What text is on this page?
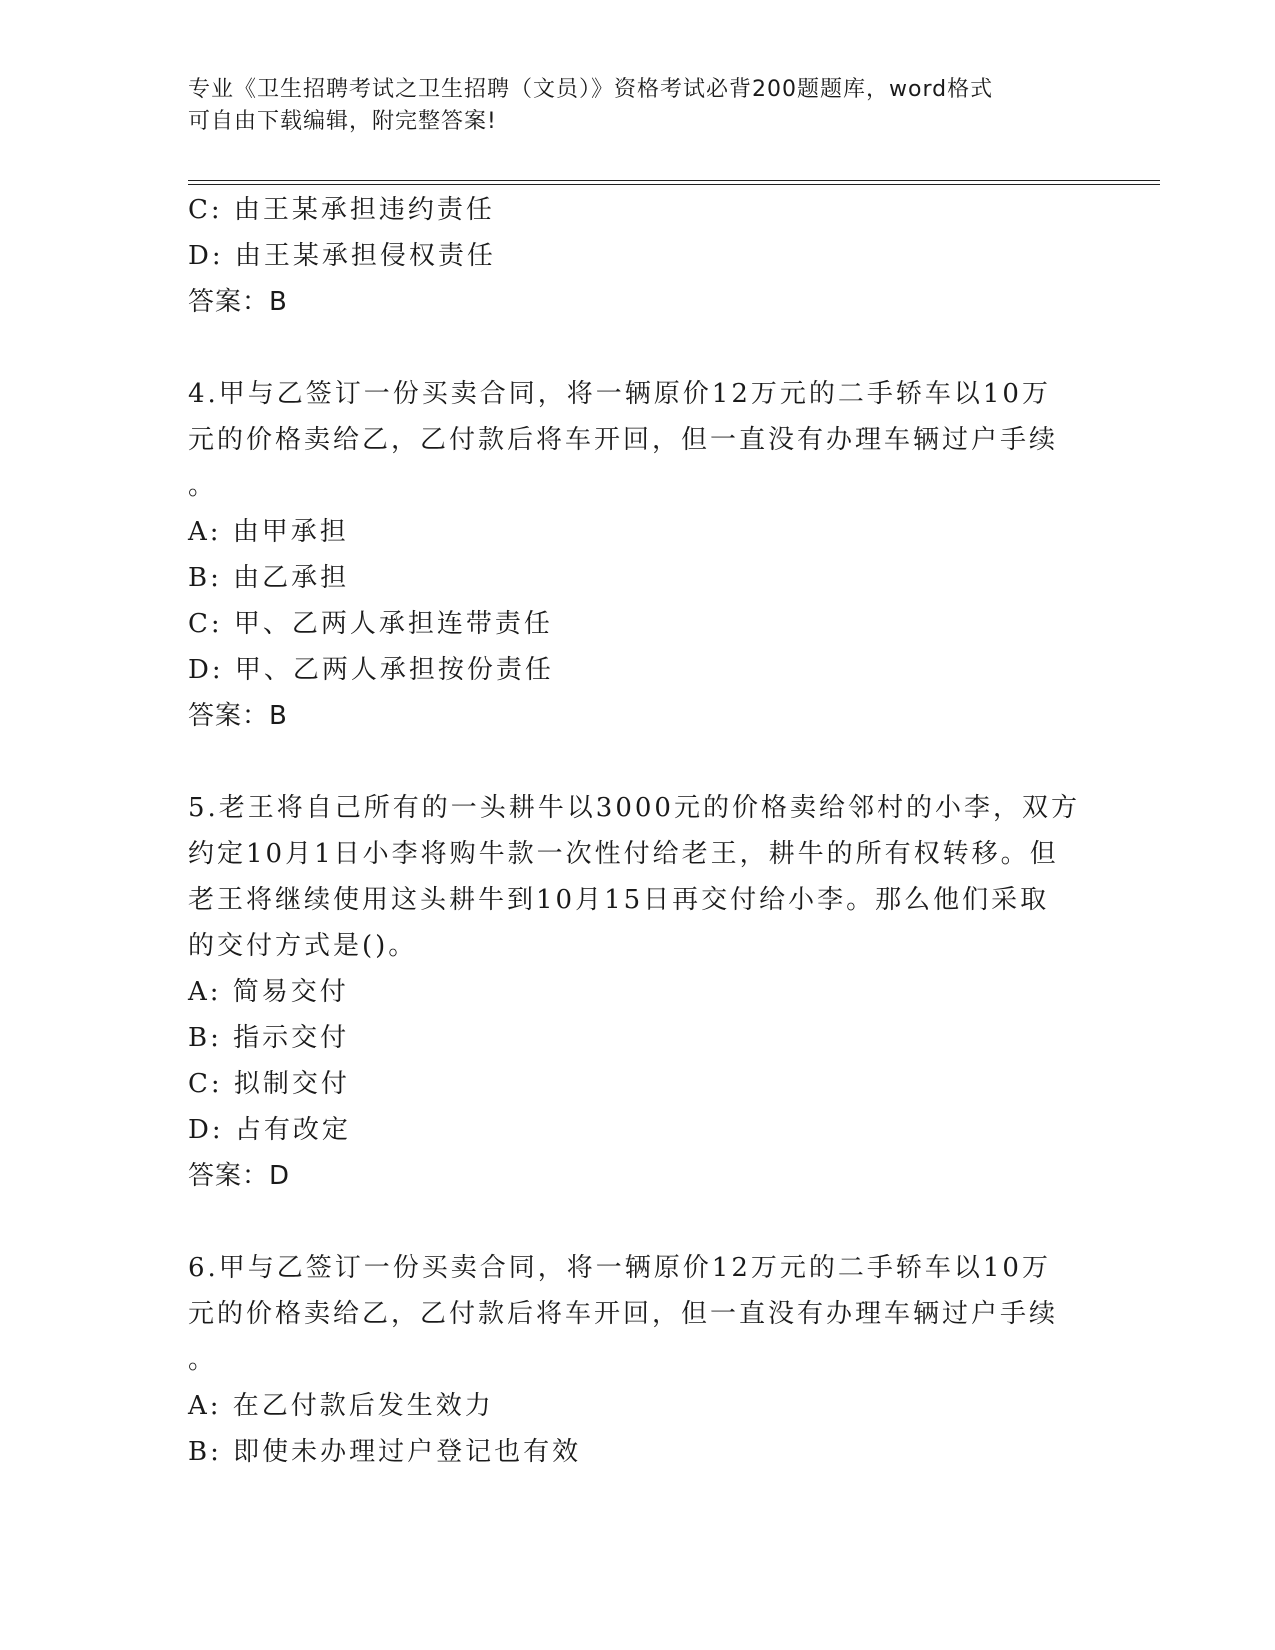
专业《卫生招聘考试之卫生招聘（文员）》资格考试必背200题题库，word格式
可自由下载编辑，附完整答案!
C: 由王某承担违约责任
D: 由王某承担侵权责任
答案：B
4.甲与乙签订一份买卖合同，将一辆原价12万元的二手轿车以10万
元的价格卖给乙，乙付款后将车开回，但一直没有办理车辆过户手续
。
A: 由甲承担
B: 由乙承担
C: 甲、乙两人承担连带责任
D: 甲、乙两人承担按份责任
答案：B
5.老王将自己所有的一头耕牛以3000元的价格卖给邻村的小李，双方
约定10月1日小李将购牛款一次性付给老王，耕牛的所有权转移。但
老王将继续使用这头耕牛到10月15日再交付给小李。那么他们采取
的交付方式是()。
A: 简易交付
B: 指示交付
C: 拟制交付
D: 占有改定
答案：D
6.甲与乙签订一份买卖合同，将一辆原价12万元的二手轿车以10万
元的价格卖给乙，乙付款后将车开回，但一直没有办理车辆过户手续
。
A: 在乙付款后发生效力
B: 即使未办理过户登记也有效
